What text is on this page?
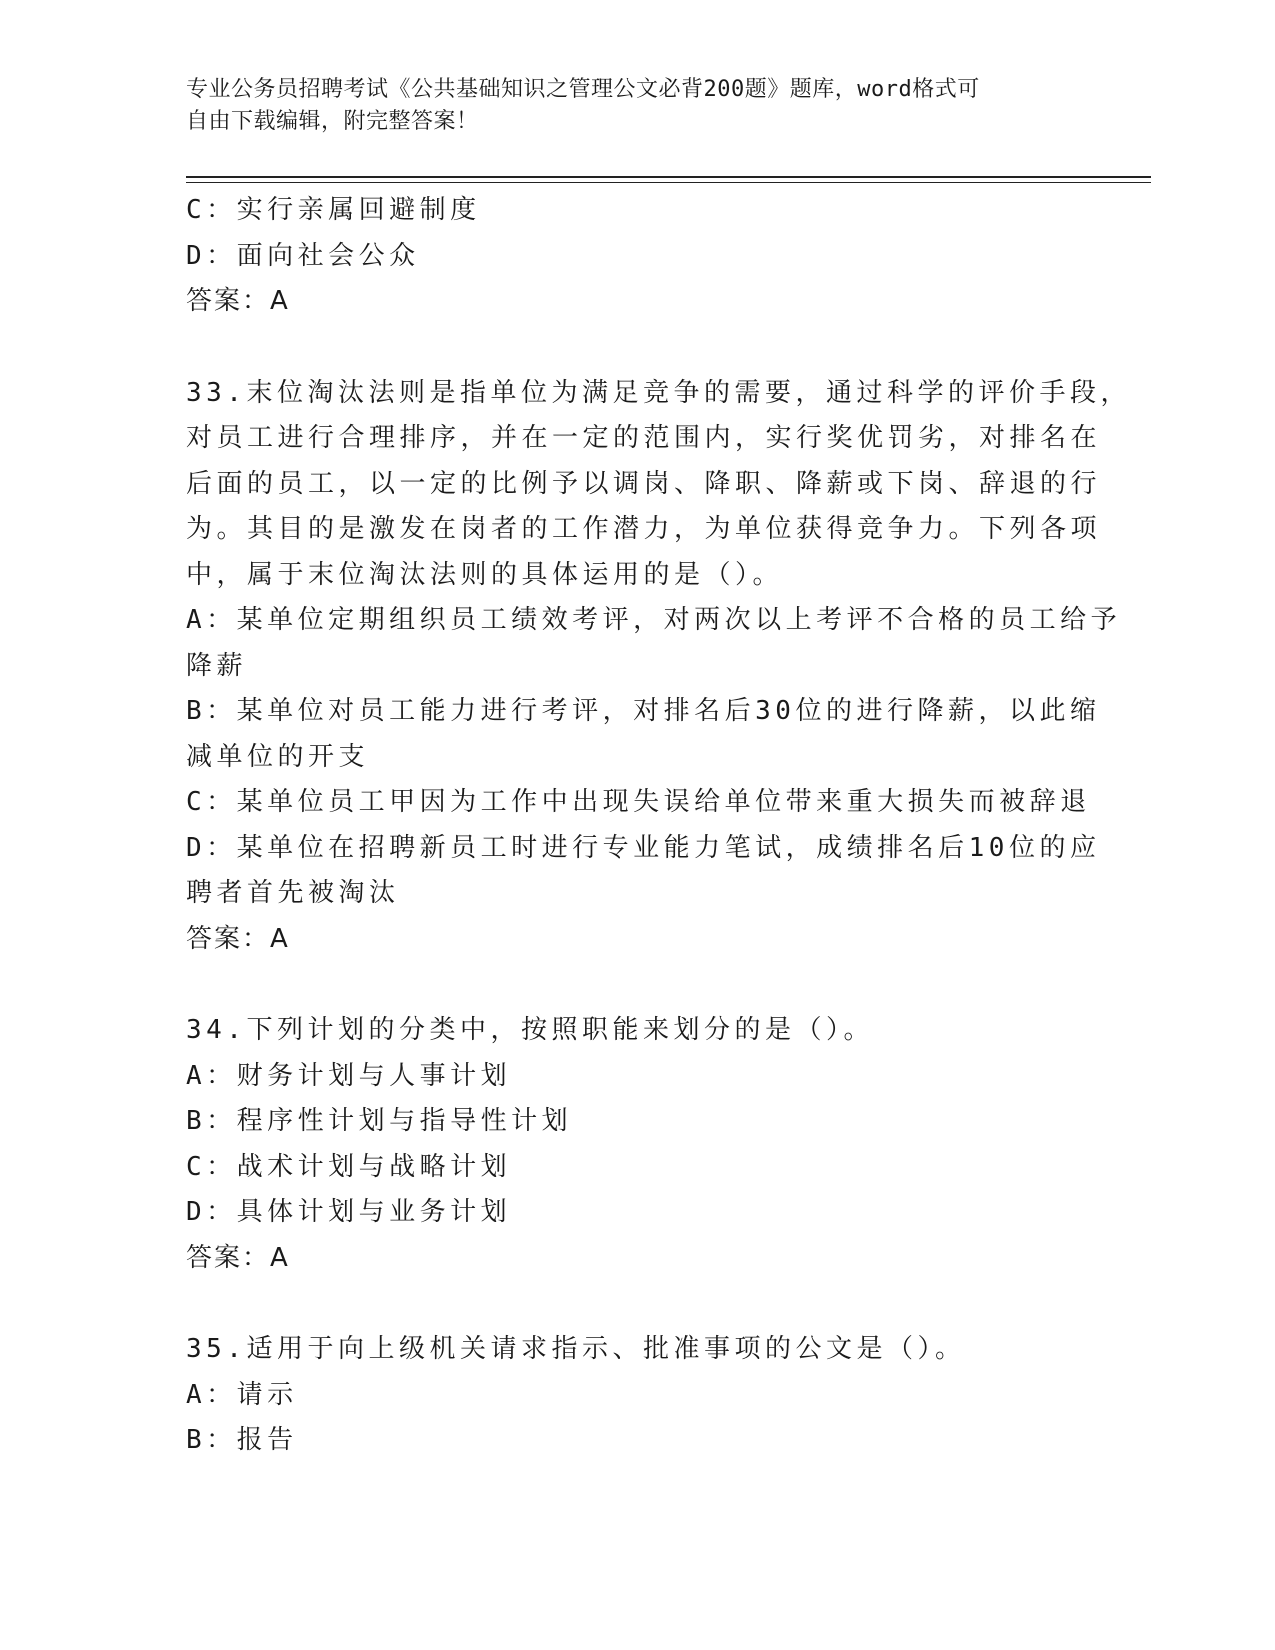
专业公务员招聘考试《公共基础知识之管理公文必背200题》题库，word格式可
自由下载编辑，附完整答案！
C：实行亲属回避制度
D：面向社会公众
答案：A
33.末位淘汰法则是指单位为满足竞争的需要，通过科学的评价手段，
对员工进行合理排序，并在一定的范围内，实行奖优罚劣，对排名在
后面的员工，以一定的比例予以调岗、降职、降薪或下岗、辞退的行
为。其目的是激发在岗者的工作潜力，为单位获得竞争力。下列各项
中，属于末位淘汰法则的具体运用的是（）。
A：某单位定期组织员工绩效考评，对两次以上考评不合格的员工给予
降薪
B：某单位对员工能力进行考评，对排名后30位的进行降薪，以此缩
减单位的开支
C：某单位员工甲因为工作中出现失误给单位带来重大损失而被辞退
D：某单位在招聘新员工时进行专业能力笔试，成绩排名后10位的应
聘者首先被淘汰
答案：A
34.下列计划的分类中，按照职能来划分的是（）。
A：财务计划与人事计划
B：程序性计划与指导性计划
C：战术计划与战略计划
D：具体计划与业务计划
答案：A
35.适用于向上级机关请求指示、批准事项的公文是（）。
A：请示
B：报告
